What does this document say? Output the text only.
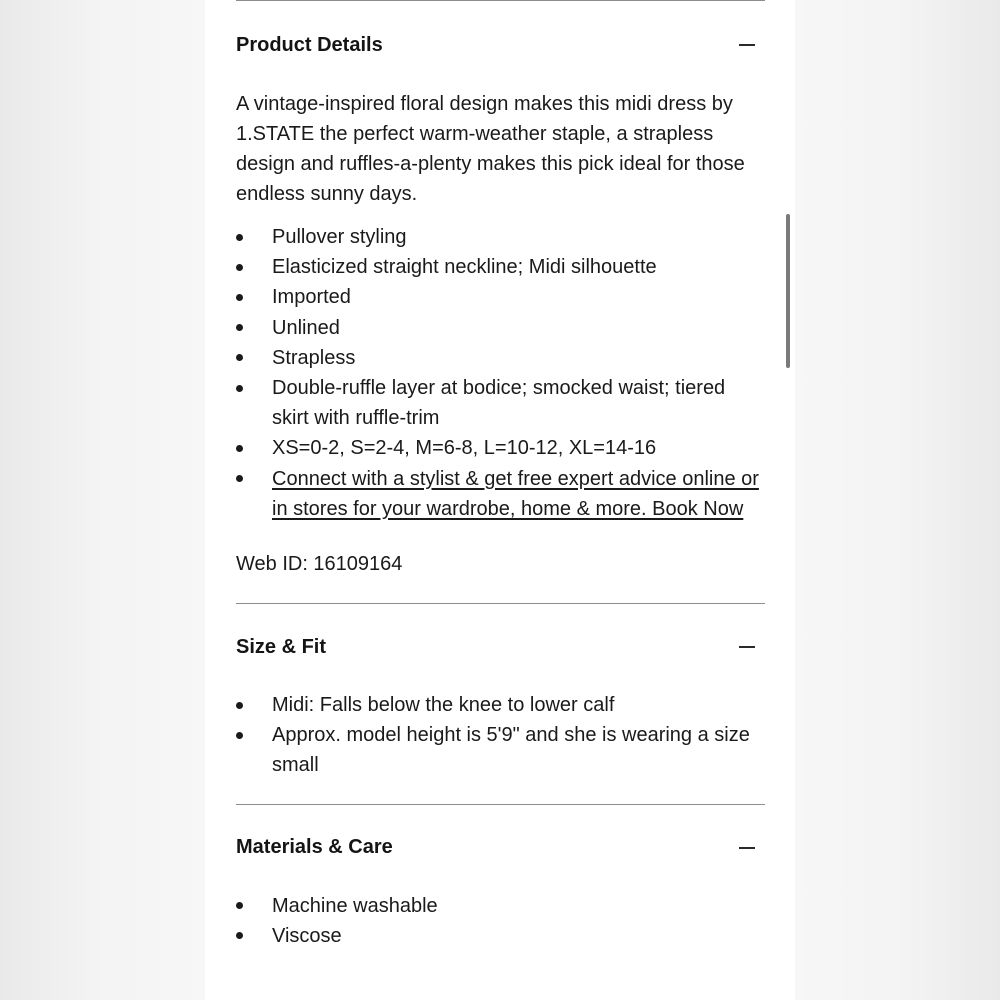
Product Details

A vintage-inspired floral design makes this midi dress by 1.STATE the perfect warm-weather staple, a strapless design and ruffles-a-plenty makes this pick ideal for those endless sunny days.

Pullover styling
Elasticized straight neckline; Midi silhouette
Imported
Unlined
Strapless
Double-ruffle layer at bodice; smocked waist; tiered skirt with ruffle-trim
XS=0-2, S=2-4, M=6-8, L=10-12, XL=14-16
Connect with a stylist & get free expert advice online or in stores for your wardrobe, home & more. Book Now
Web ID: 16109164
Size & Fit
Midi: Falls below the knee to lower calf
Approx. model height is 5'9" and she is wearing a size small
Materials & Care
Machine washable
Viscose
